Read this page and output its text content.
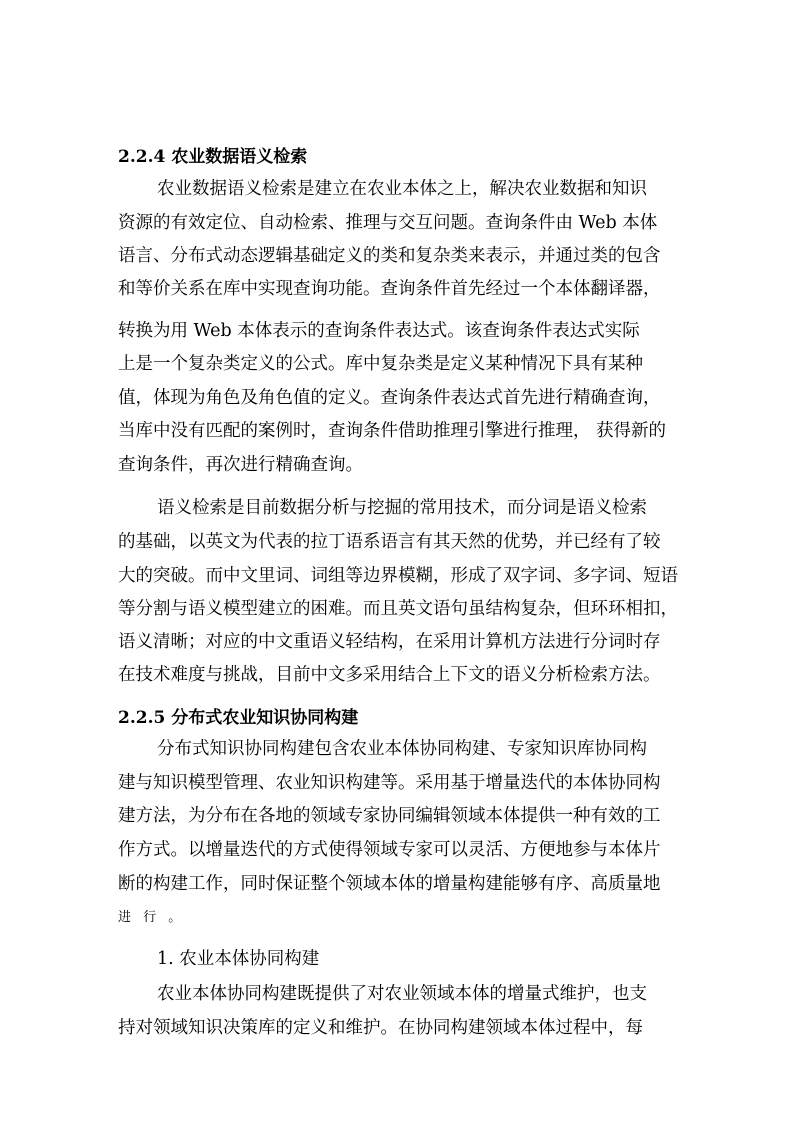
2.2.4 农业数据语义检索
农业数据语义检索是建立在农业本体之上，解决农业数据和知识
资源的有效定位、自动检索、推理与交互问题。查询条件由 Web 本体
语言、分布式动态逻辑基础定义的类和复杂类来表示，并通过类的包含
和等价关系在库中实现查询功能。查询条件首先经过一个本体翻译器，
转换为用 Web 本体表示的查询条件表达式。该查询条件表达式实际
上是一个复杂类定义的公式。库中复杂类是定义某种情况下具有某种
值，体现为角色及角色值的定义。查询条件表达式首先进行精确查询，
当库中没有匹配的案例时，查询条件借助推理引擎进行推理， 获得新的
查询条件，再次进行精确查询。
语义检索是目前数据分析与挖掘的常用技术，而分词是语义检索
的基础，以英文为代表的拉丁语系语言有其天然的优势，并已经有了较
大的突破。而中文里词、词组等边界模糊，形成了双字词、多字词、短语
等分割与语义模型建立的困难。而且英文语句虽结构复杂，但环环相扣，
语义清晰；对应的中文重语义轻结构，在采用计算机方法进行分词时存
在技术难度与挑战，目前中文多采用结合上下文的语义分析检索方法。
2.2.5 分布式农业知识协同构建
分布式知识协同构建包含农业本体协同构建、专家知识库协同构
建与知识模型管理、农业知识构建等。采用基于增量迭代的本体协同构
建方法，为分布在各地的领域专家协同编辑领域本体提供一种有效的工
作方式。以增量迭代的方式使得领域专家可以灵活、方便地参与本体片
断的构建工作，同时保证整个领域本体的增量构建能够有序、高质量地
进 行 。
1. 农业本体协同构建
农业本体协同构建既提供了对农业领域本体的增量式维护，也支
持对领域知识决策库的定义和维护。在协同构建领域本体过程中，每
